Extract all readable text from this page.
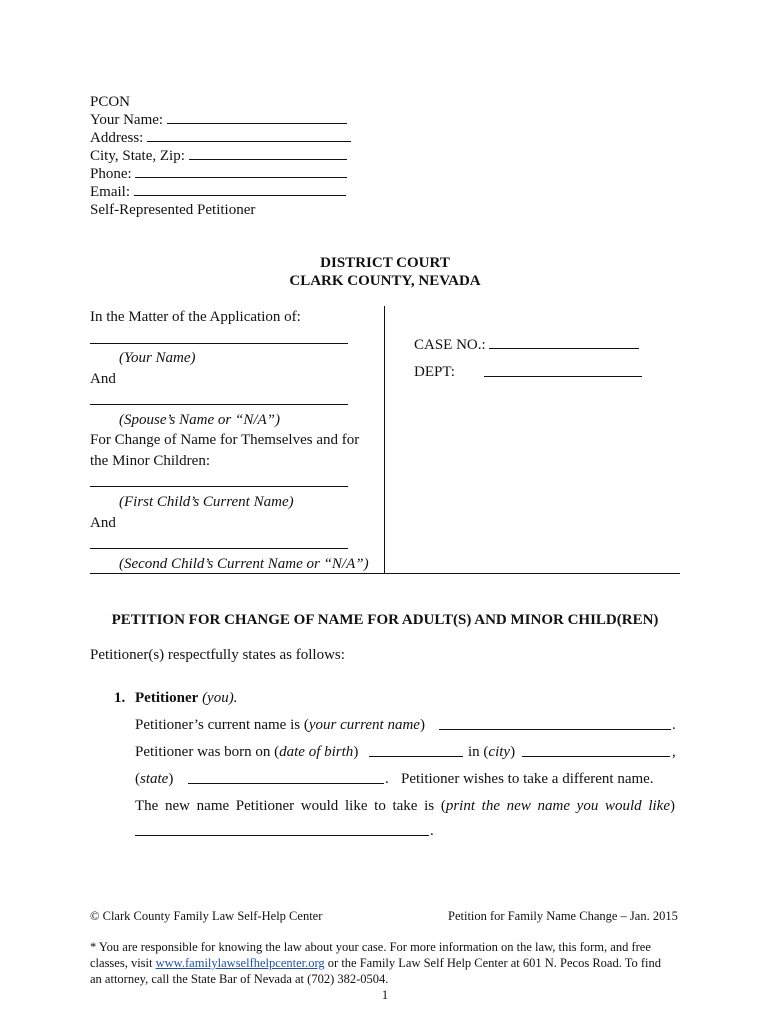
PCON
Your Name:
Address:
City, State, Zip:
Phone:
Email:
Self-Represented Petitioner
DISTRICT COURT
CLARK COUNTY, NEVADA
In the Matter of the Application of:
(Your Name)
And
(Spouse’s Name or “N/A”)
For Change of Name for Themselves and for
the Minor Children:
(First Child’s Current Name)
And
(Second Child’s Current Name or “N/A”)
CASE NO.:
DEPT:
PETITION FOR CHANGE OF NAME FOR ADULT(S) AND MINOR CHILD(REN)
Petitioner(s) respectfully states as follows:
1. Petitioner (you).
Petitioner’s current name is (your current name)	.
Petitioner was born on (date of birth)	in (city)	,
(state)	. Petitioner wishes to take a different name.
The new name Petitioner would like to take is (print the new name you would like)
.
© Clark County Family Law Self-Help Center	Petition for Family Name Change – Jan. 2015
* You are responsible for knowing the law about your case. For more information on the law, this form, and free
classes, visit www.familylawselfhelpcenter.org or the Family Law Self Help Center at 601 N. Pecos Road. To find
an attorney, call the State Bar of Nevada at (702) 382-0504.
1
